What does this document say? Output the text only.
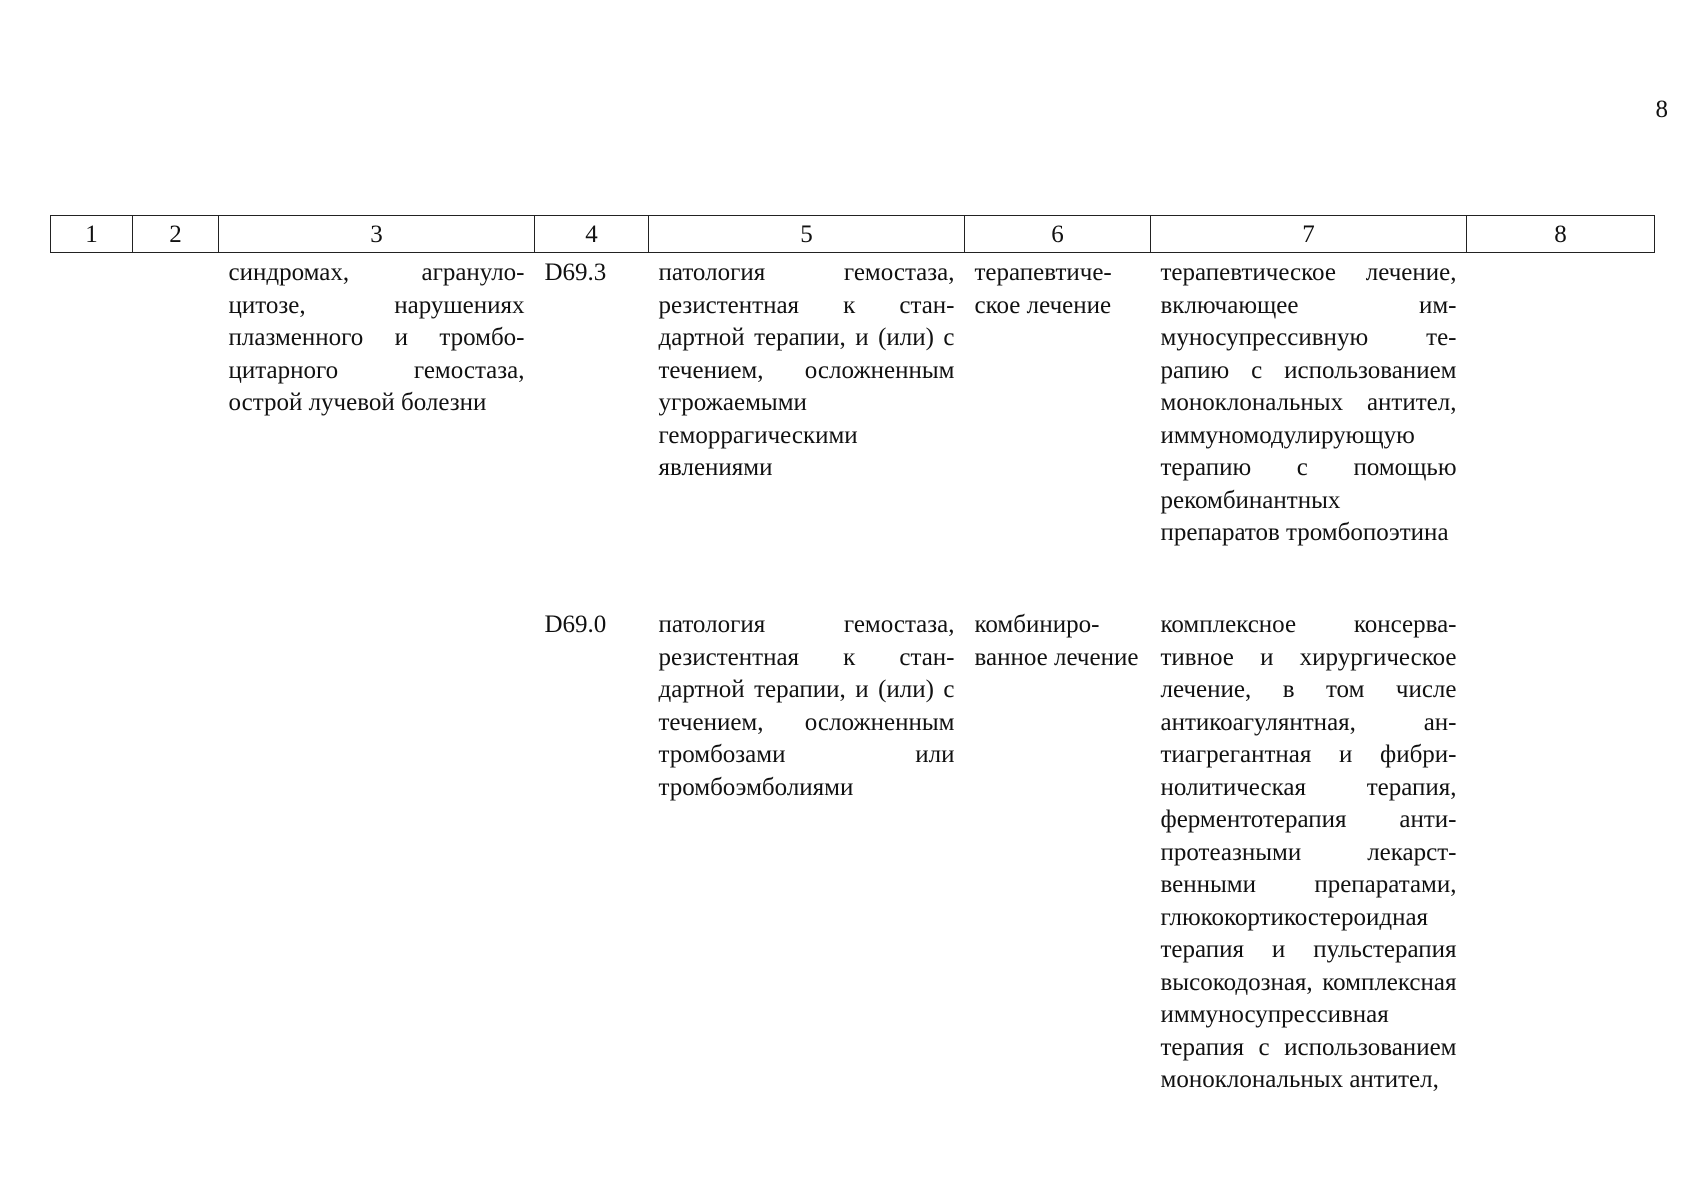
8
1	2	3	4	5	6	7	8

		синдромах, агранулоцитозе, нарушениях плазменного и тромбоцитарного гемостаза, острой лучевой болезни	D69.3	патология гемостаза, резистентная к стандартной терапии, и (или) с течением, осложненным угрожаемыми геморрагическими явлениями	терапевтическое лечение	терапевтическое лечение, включающее иммуносупрессивную терапию с использованием моноклональных антител, иммуномодулирующую терапию с помощью рекомбинантных препаратов тромбопоэтина	

			D69.0	патология гемостаза, резистентная к стандартной терапии, и (или) с течением, осложненным тромбозами или тромбоэмболиями	комбинированное лечение	комплексное консервативное и хирургическое лечение, в том числе антикоагулянтная, антиагрегантная и фибринолитическая терапия, ферментотерапия антипротеазными лекарственными препаратами, глюкокортикостероидная терапия и пульстерапия высокодозная, комплексная иммуносупрессивная терапия с использованием моноклональных антител,	
